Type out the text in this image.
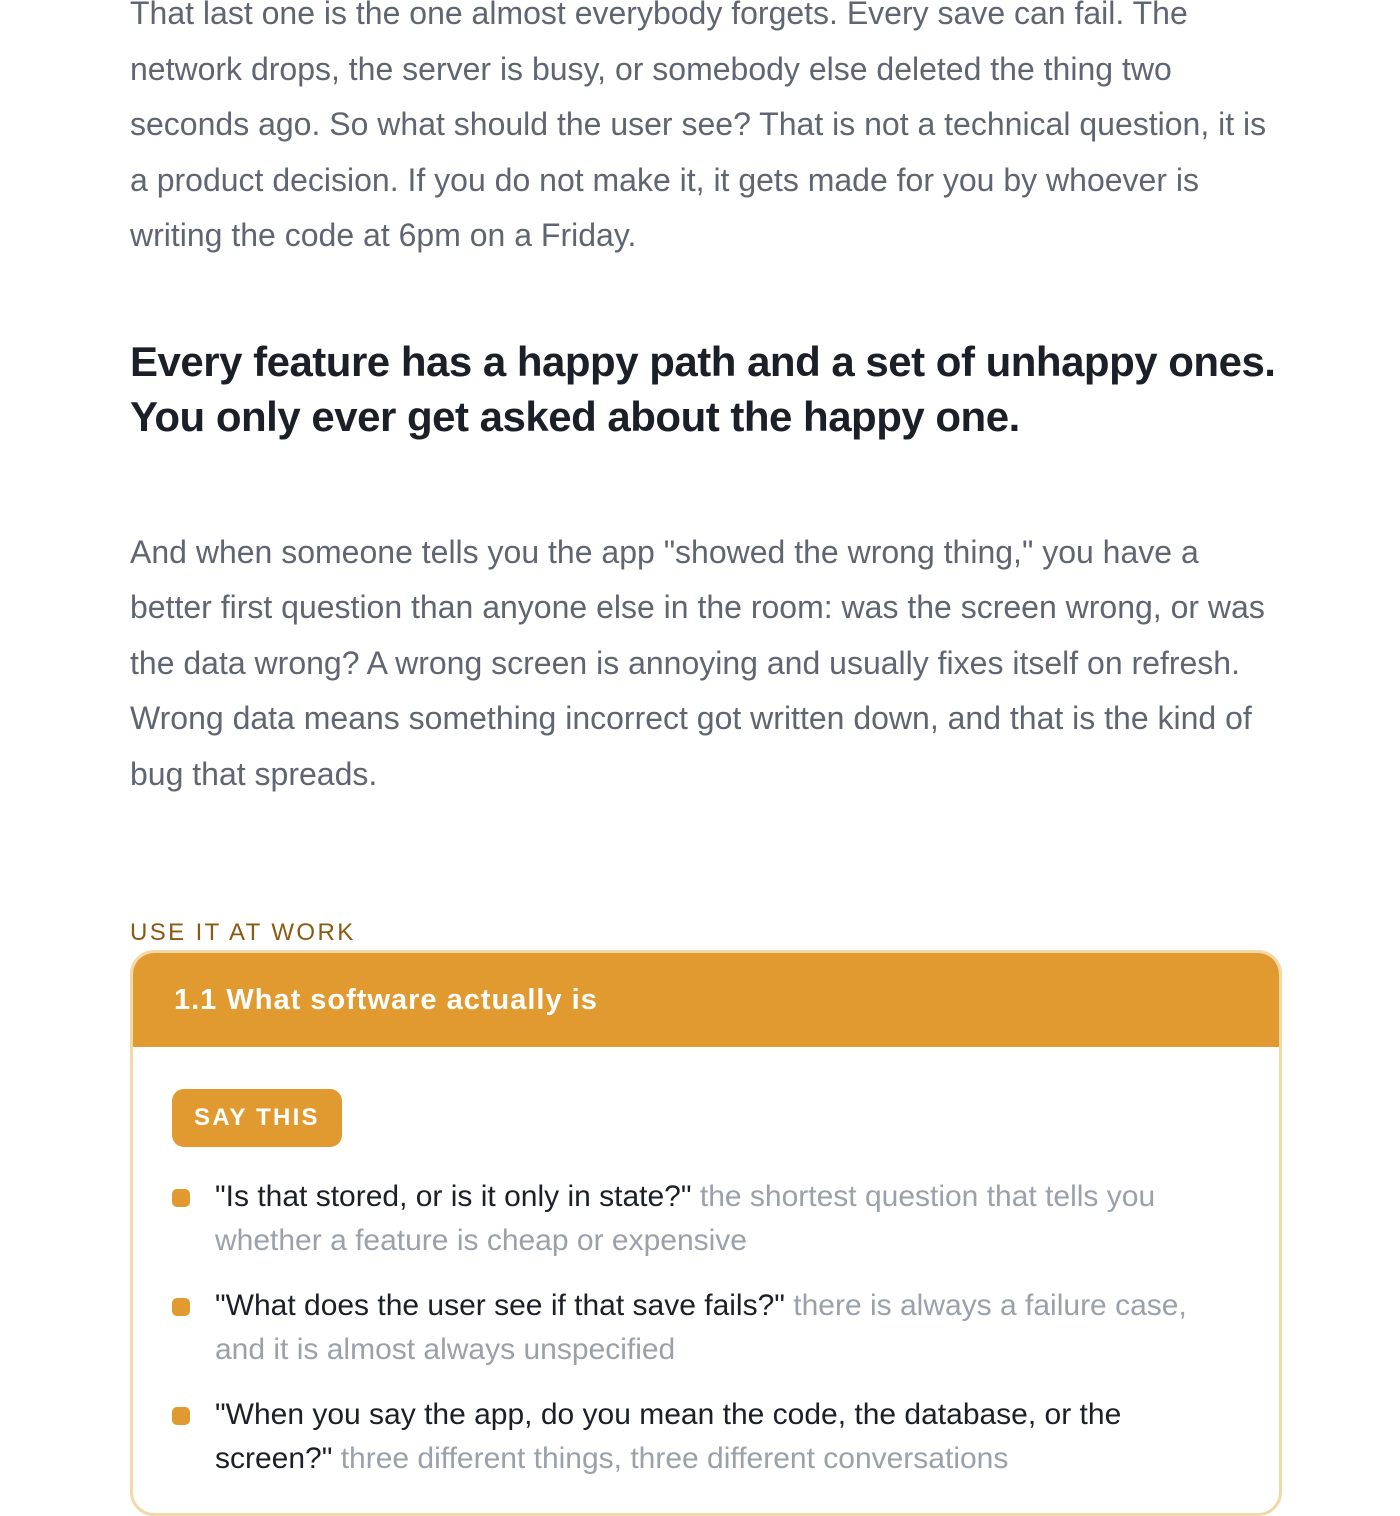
That last one is the one almost everybody forgets. Every save can fail. The network drops, the server is busy, or somebody else deleted the thing two seconds ago. So what should the user see? That is not a technical question, it is a product decision. If you do not make it, it gets made for you by whoever is writing the code at 6pm on a Friday.

Every feature has a happy path and a set of unhappy ones. You only ever get asked about the happy one.

And when someone tells you the app "showed the wrong thing," you have a better first question than anyone else in the room: was the screen wrong, or was the data wrong? A wrong screen is annoying and usually fixes itself on refresh. Wrong data means something incorrect got written down, and that is the kind of bug that spreads.

USE IT AT WORK
1.1 What software actually is
SAY THIS
"Is that stored, or is it only in state?" the shortest question that tells you whether a feature is cheap or expensive
"What does the user see if that save fails?" there is always a failure case, and it is almost always unspecified
"When you say the app, do you mean the code, the database, or the screen?" three different things, three different conversations
